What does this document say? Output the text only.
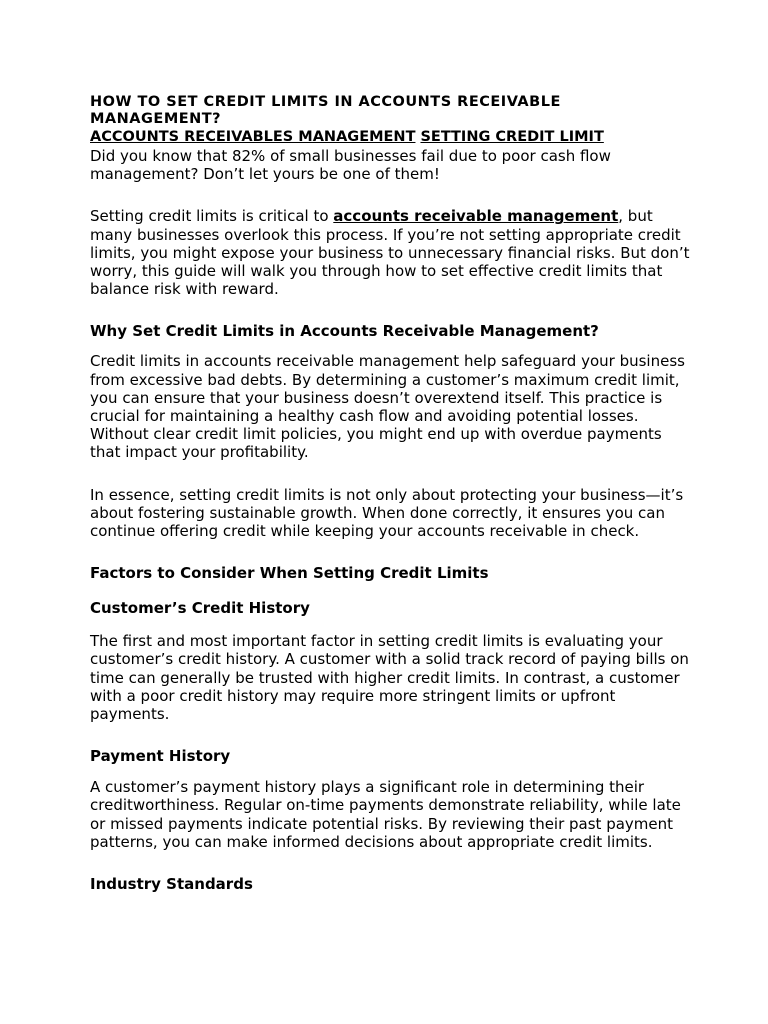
HOW TO SET CREDIT LIMITS IN ACCOUNTS RECEIVABLE MANAGEMENT?
ACCOUNTS RECEIVABLES MANAGEMENT SETTING CREDIT LIMIT

Did you know that 82% of small businesses fail due to poor cash flow management? Don’t let yours be one of them!

Setting credit limits is critical to accounts receivable management, but many businesses overlook this process. If you’re not setting appropriate credit limits, you might expose your business to unnecessary financial risks. But don’t worry, this guide will walk you through how to set effective credit limits that balance risk with reward.

Why Set Credit Limits in Accounts Receivable Management?

Credit limits in accounts receivable management help safeguard your business from excessive bad debts. By determining a customer’s maximum credit limit, you can ensure that your business doesn’t overextend itself. This practice is crucial for maintaining a healthy cash flow and avoiding potential losses. Without clear credit limit policies, you might end up with overdue payments that impact your profitability.

In essence, setting credit limits is not only about protecting your business—it’s about fostering sustainable growth. When done correctly, it ensures you can continue offering credit while keeping your accounts receivable in check.

Factors to Consider When Setting Credit Limits
Customer’s Credit History

The first and most important factor in setting credit limits is evaluating your customer’s credit history. A customer with a solid track record of paying bills on time can generally be trusted with higher credit limits. In contrast, a customer with a poor credit history may require more stringent limits or upfront payments.

Payment History

A customer’s payment history plays a significant role in determining their creditworthiness. Regular on-time payments demonstrate reliability, while late or missed payments indicate potential risks. By reviewing their past payment patterns, you can make informed decisions about appropriate credit limits.

Industry Standards
